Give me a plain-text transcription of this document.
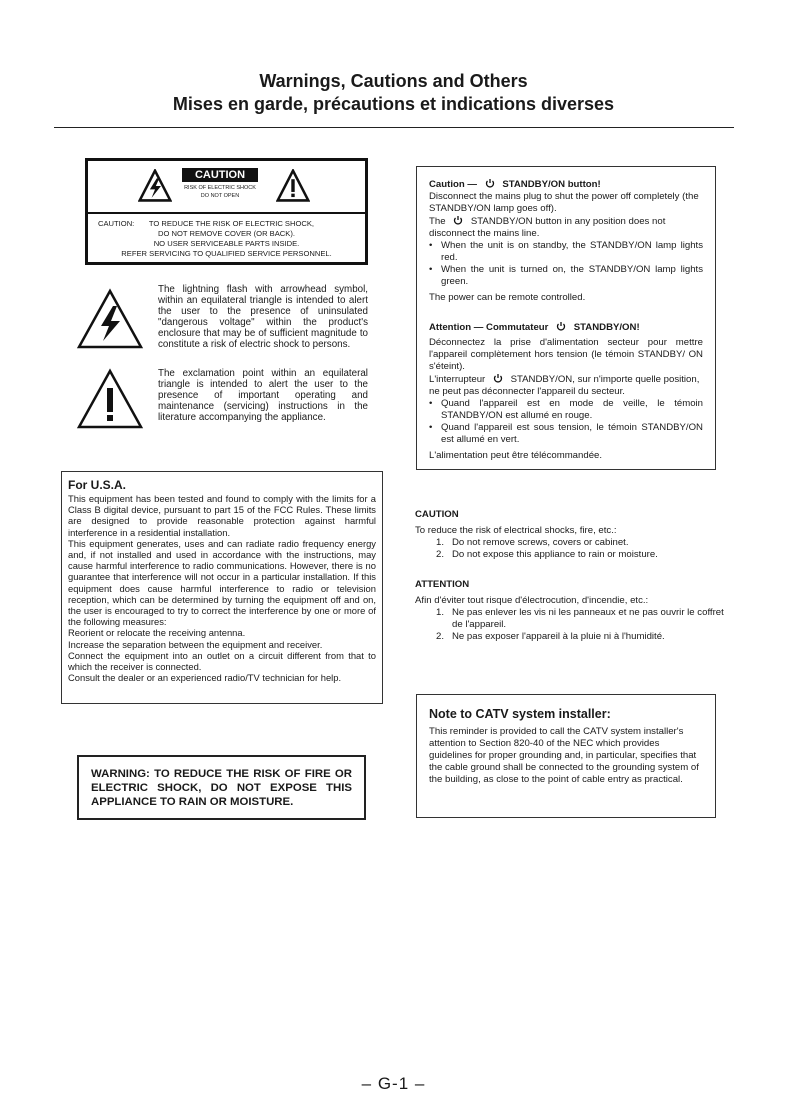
Warnings, Cautions and Others
Mises en garde, précautions et indications diverses
CAUTION
RISK OF ELECTRIC SHOCK
DO NOT OPEN
CAUTION:       TO REDUCE THE RISK OF ELECTRIC SHOCK,
DO NOT REMOVE COVER (OR BACK).
NO USER SERVICEABLE PARTS INSIDE.
REFER SERVICING TO QUALIFIED SERVICE PERSONNEL.
The lightning flash with arrowhead symbol, within an equilateral triangle is intended to alert the user to the presence of uninsulated "dangerous voltage" within the product's enclosure that may be of sufficient magnitude to constitute a risk of electric shock to persons.
The exclamation point within an equilateral triangle is intended to alert the user to the presence of important operating and maintenance (servicing) instructions in the literature accompanying the appliance.

Caution —	STANDBY/ON button!

Disconnect the mains plug to shut the power off completely (the STANDBY/ON lamp goes off).

The	STANDBY/ON button in any position does not disconnect the mains line.

• When the unit is on standby, the STANDBY/ON lamp lights red.
• When the unit is turned on, the STANDBY/ON lamp lights green.

The power can be remote controlled.

Attention — Commutateur	STANDBY/ON!

Déconnectez la prise d'alimentation secteur pour mettre l'appareil complètement hors tension (le témoin STANDBY/ ON s'éteint).

L'interrupteur	STANDBY/ON, sur n'importe quelle position, ne peut pas déconnecter l'appareil du secteur.

• Quand l'appareil est en mode de veille, le témoin STANDBY/ON est allumé en rouge.
• Quand l'appareil est sous tension, le témoin STANDBY/ON est allumé en vert.

L'alimentation peut être télécommandée.

For U.S.A.

This equipment has been tested and found to comply with the limits for a Class B digital device, pursuant to part 15 of the FCC Rules. These limits are designed to provide reasonable protection against harmful interference in a residential installation.

This equipment generates, uses and can radiate radio frequency energy and, if not installed and used in accordance with the instructions, may cause harmful interference to radio communications. However, there is no guarantee that interference will not occur in a particular installation. If this equipment does cause harmful interference to radio or television reception, which can be determined by turning the equipment off and on, the user is encouraged to try to correct the interference by one or more of the following measures:

Reorient or relocate the receiving antenna.

Increase the separation between the equipment and receiver.

Connect the equipment into an outlet on a circuit different from that to which the receiver is connected.

Consult the dealer or an experienced radio/TV technician for help.

WARNING: TO REDUCE THE RISK OF FIRE OR ELECTRIC SHOCK, DO NOT EXPOSE THIS APPLIANCE TO RAIN OR MOISTURE.
CAUTION
To reduce the risk of electrical shocks, fire, etc.:
1. Do not remove screws, covers or cabinet.
2. Do not expose this appliance to rain or moisture.
ATTENTION
Afin d'éviter tout risque d'électrocution, d'incendie, etc.:
1. Ne pas enlever les vis ni les panneaux et ne pas ouvrir le coffret de l'appareil.
2. Ne pas exposer l'appareil à la pluie ni à l'humidité.
Note to CATV system installer:

This reminder is provided to call the CATV system installer's attention to Section 820-40 of the NEC which provides guidelines for proper grounding and, in particular, specifies that the cable ground shall be connected to the grounding system of the building, as close to the point of cable entry as practical.

– G-1 –
